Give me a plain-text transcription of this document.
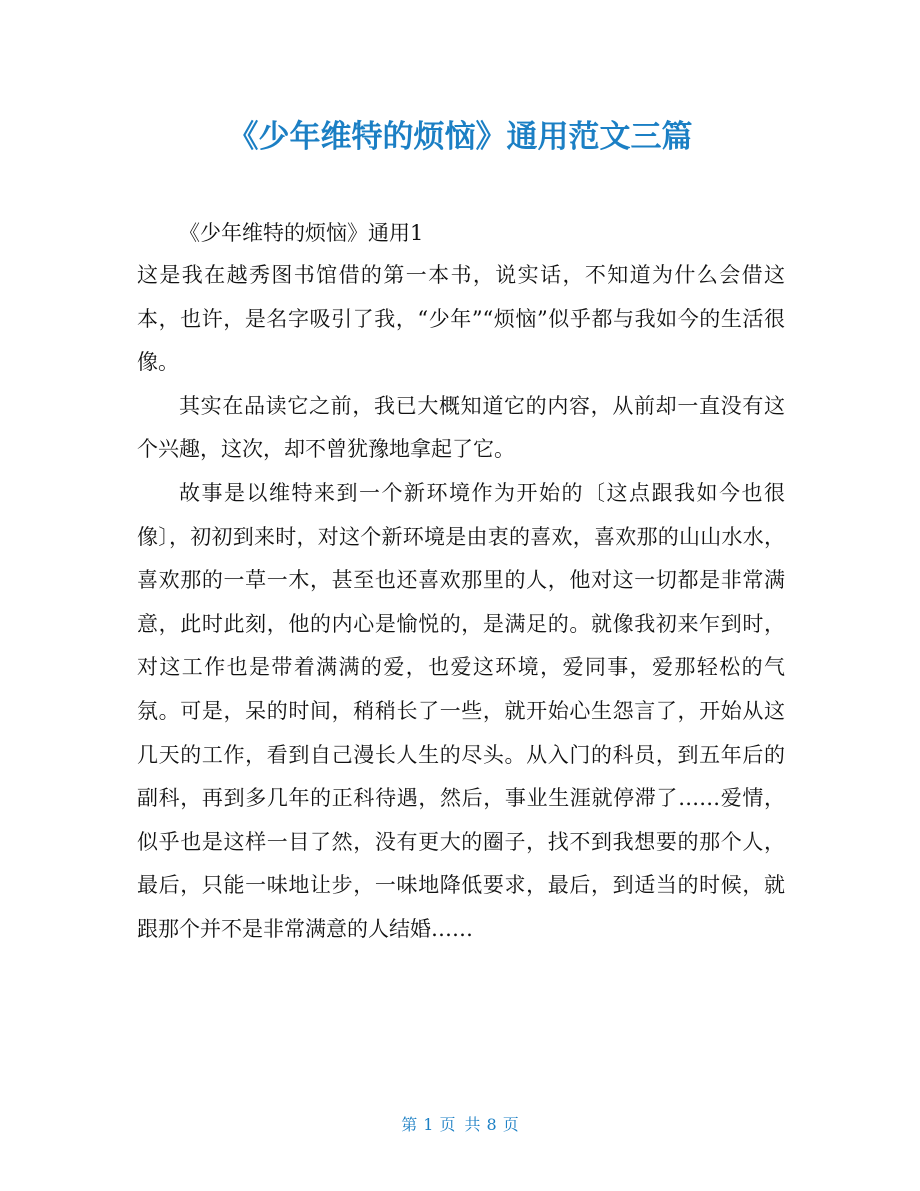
《少年维特的烦恼》通用范文三篇

《少年维特的烦恼》通用1

这是我在越秀图书馆借的第一本书，说实话，不知道为什么会借这本，也许，是名字吸引了我，“少年”“烦恼”似乎都与我如今的生活很像。

其实在品读它之前，我已大概知道它的内容，从前却一直没有这个兴趣，这次，却不曾犹豫地拿起了它。

故事是以维特来到一个新环境作为开始的〔这点跟我如今也很像〕，初初到来时，对这个新环境是由衷的喜欢，喜欢那的山山水水，喜欢那的一草一木，甚至也还喜欢那里的人，他对这一切都是非常满意，此时此刻，他的内心是愉悦的，是满足的。就像我初来乍到时，对这工作也是带着满满的爱，也爱这环境，爱同事，爱那轻松的气氛。可是，呆的时间，稍稍长了一些，就开始心生怨言了，开始从这几天的工作，看到自己漫长人生的尽头。从入门的科员，到五年后的副科，再到多几年的正科待遇，然后，事业生涯就停滞了……爱情，似乎也是这样一目了然，没有更大的圈子，找不到我想要的那个人，最后，只能一味地让步，一味地降低要求，最后，到适当的时候，就跟那个并不是非常满意的人结婚……

第 1 页 共 8 页
